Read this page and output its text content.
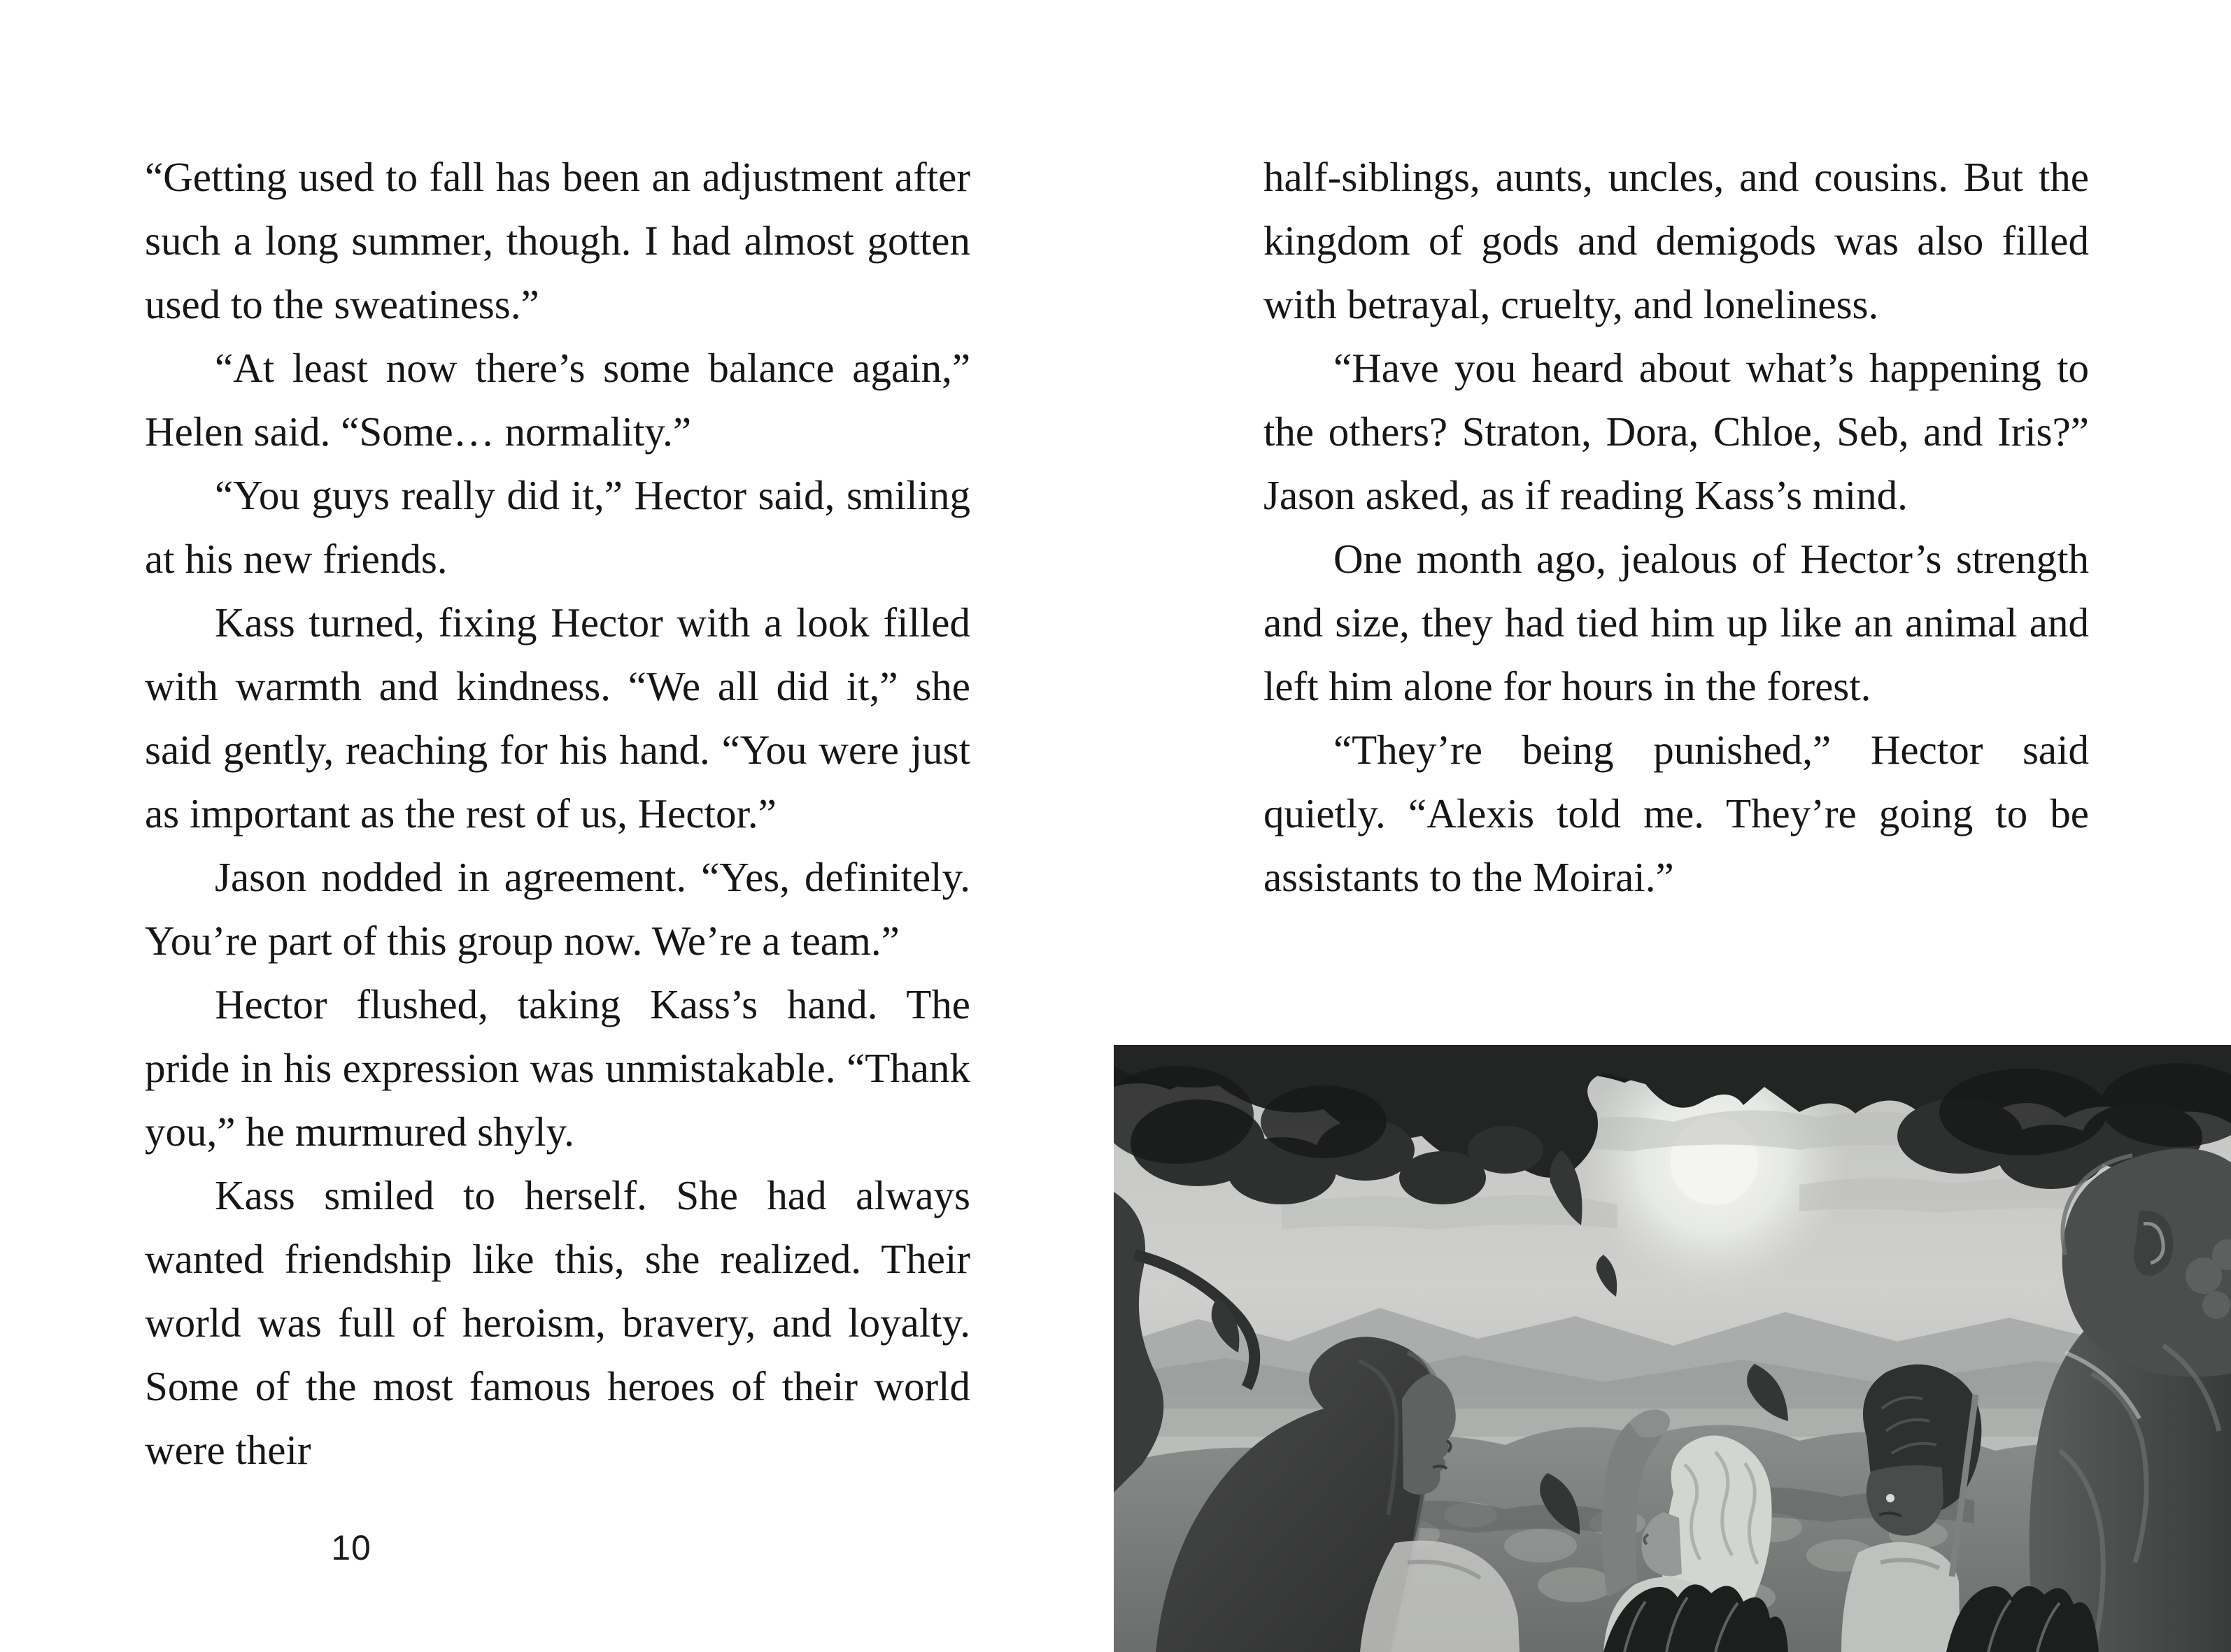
“Getting used to fall has been an adjustment after such a long summer, though. I had almost gotten used to the sweatiness.”

“At least now there’s some balance again,” Helen said. “Some… normality.”

“You guys really did it,” Hector said, smiling at his new friends.

Kass turned, fixing Hector with a look filled with warmth and kindness. “We all did it,” she said gently, reaching for his hand. “You were just as important as the rest of us, Hector.”

Jason nodded in agreement. “Yes, definitely. You’re part of this group now. We’re a team.”

Hector flushed, taking Kass’s hand. The pride in his expression was unmistakable. “Thank you,” he murmured shyly.

Kass smiled to herself. She had always wanted friendship like this, she realized. Their world was full of heroism, bravery, and loyalty. Some of the most famous heroes of their world were their

half-siblings, aunts, uncles, and cousins. But the kingdom of gods and demigods was also filled with betrayal, cruelty, and loneliness.

“Have you heard about what’s happening to the others? Straton, Dora, Chloe, Seb, and Iris?” Jason asked, as if reading Kass’s mind.

One month ago, jealous of Hector’s strength and size, they had tied him up like an animal and left him alone for hours in the forest.

“They’re being punished,” Hector said quietly. “Alexis told me. They’re going to be assistants to the Moirai.”

10
